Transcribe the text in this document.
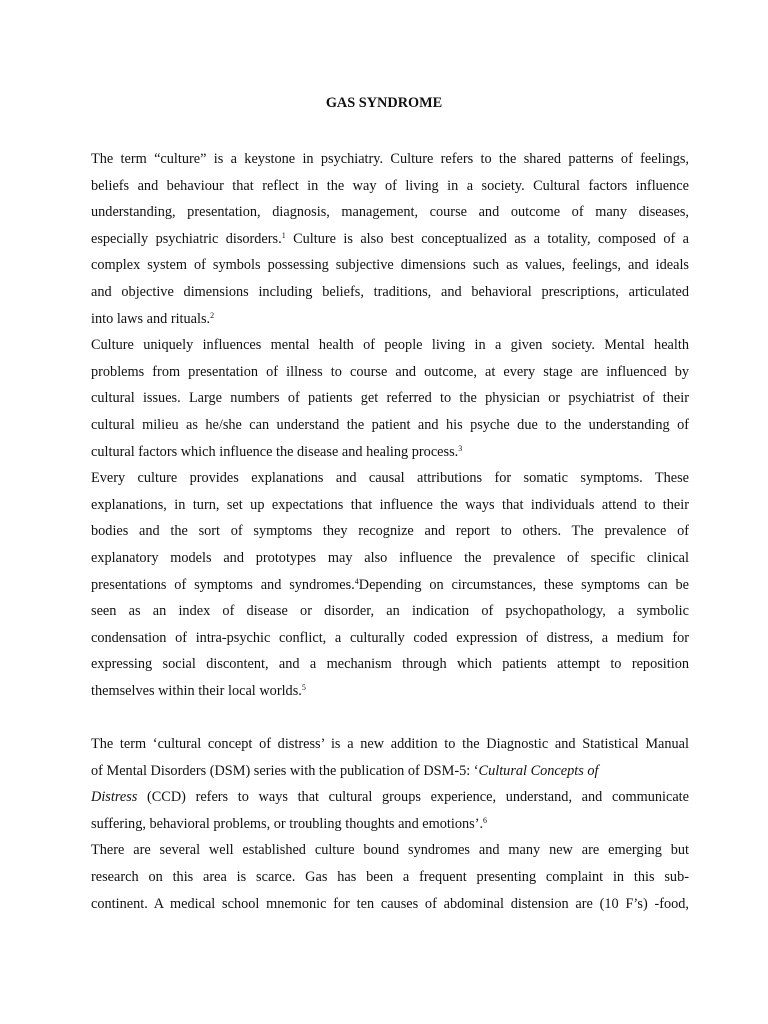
GAS SYNDROME
The term “culture” is a keystone in psychiatry. Culture refers to the shared patterns of feelings,
beliefs and behaviour that reflect in the way of living in a society. Cultural factors influence
understanding, presentation, diagnosis, management, course and outcome of many diseases,
especially psychiatric disorders.$^1$ Culture is also best conceptualized as a totality, composed of a
complex system of symbols possessing subjective dimensions such as values, feelings, and ideals
and objective dimensions including beliefs, traditions, and behavioral prescriptions, articulated
into laws and rituals.$^2$
Culture uniquely influences mental health of people living in a given society. Mental health
problems from presentation of illness to course and outcome, at every stage are influenced by
cultural issues. Large numbers of patients get referred to the physician or psychiatrist of their
cultural milieu as he/she can understand the patient and his psyche due to the understanding of
cultural factors which influence the disease and healing process.$^3$
Every culture provides explanations and causal attributions for somatic symptoms. These
explanations, in turn, set up expectations that influence the ways that individuals attend to their
bodies and the sort of symptoms they recognize and report to others. The prevalence of
explanatory models and prototypes may also influence the prevalence of specific clinical
presentations of symptoms and syndromes.$^4$Depending on circumstances, these symptoms can be
seen as an index of disease or disorder, an indication of psychopathology, a symbolic
condensation of intra-psychic conflict, a culturally coded expression of distress, a medium for
expressing social discontent, and a mechanism through which patients attempt to reposition
themselves within their local worlds.$^5$
The term ‘cultural concept of distress’ is a new addition to the Diagnostic and Statistical Manual
of Mental Disorders (DSM) series with the publication of DSM-5: ‘Cultural Concepts of
Distress (CCD) refers to ways that cultural groups experience, understand, and communicate
suffering, behavioral problems, or troubling thoughts and emotions’.$^6$
There are several well established culture bound syndromes and many new are emerging but
research on this area is scarce. Gas has been a frequent presenting complaint in this sub-
continent. A medical school mnemonic for ten causes of abdominal distension are (10 F’s) -food,
